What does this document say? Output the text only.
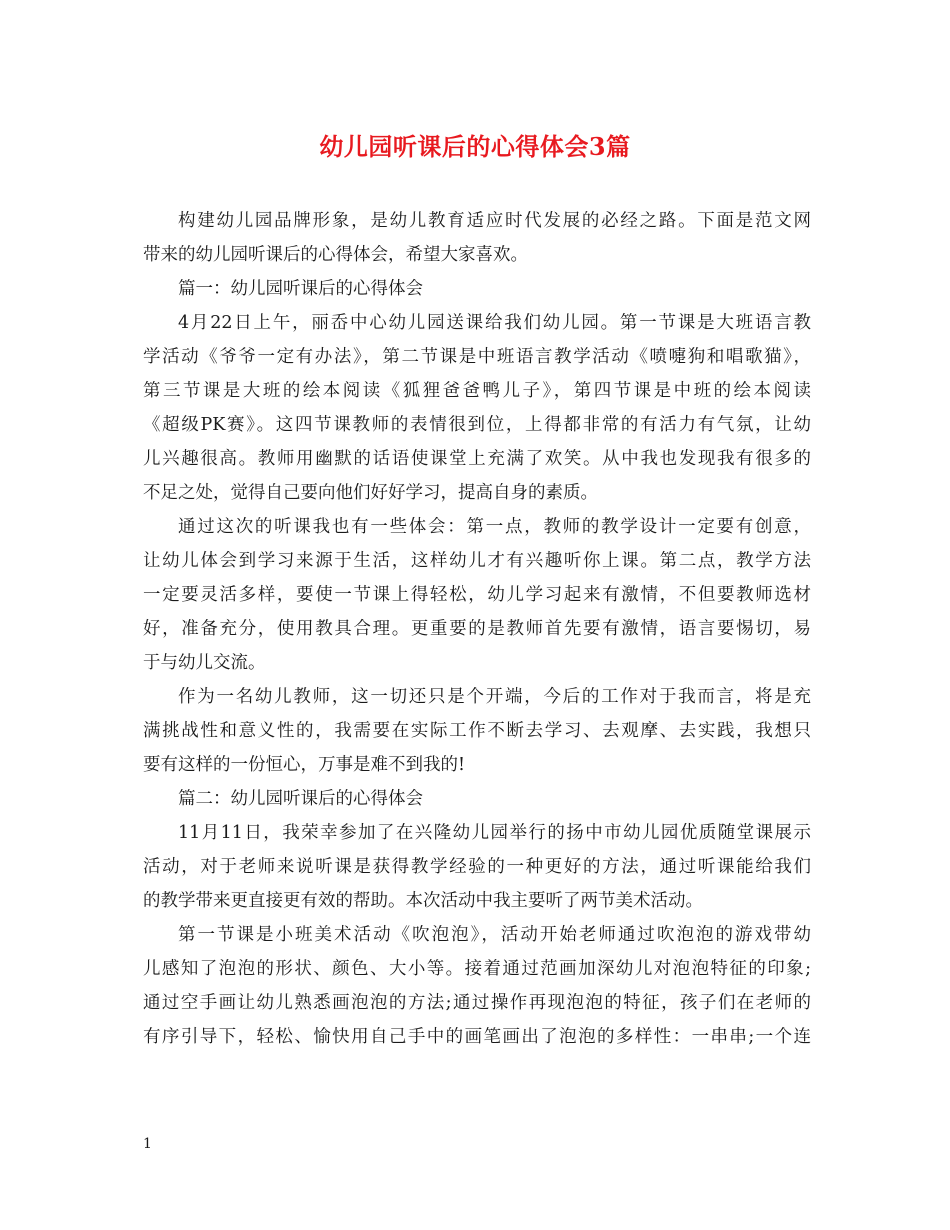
幼儿园听课后的心得体会3篇
构建幼儿园品牌形象，是幼儿教育适应时代发展的必经之路。下面是范文网
带来的幼儿园听课后的心得体会，希望大家喜欢。
篇一：幼儿园听课后的心得体会
4月22日上午，丽岙中心幼儿园送课给我们幼儿园。第一节课是大班语言教
学活动《爷爷一定有办法》，第二节课是中班语言教学活动《喷嚏狗和唱歌猫》，
第三节课是大班的绘本阅读《狐狸爸爸鸭儿子》，第四节课是中班的绘本阅读
《超级PK赛》。这四节课教师的表情很到位，上得都非常的有活力有气氛，让幼
儿兴趣很高。教师用幽默的话语使课堂上充满了欢笑。从中我也发现我有很多的
不足之处，觉得自己要向他们好好学习，提高自身的素质。
通过这次的听课我也有一些体会：第一点，教师的教学设计一定要有创意，
让幼儿体会到学习来源于生活，这样幼儿才有兴趣听你上课。第二点，教学方法
一定要灵活多样，要使一节课上得轻松，幼儿学习起来有激情，不但要教师选材
好，准备充分，使用教具合理。更重要的是教师首先要有激情，语言要惕切，易
于与幼儿交流。
作为一名幼儿教师，这一切还只是个开端，今后的工作对于我而言，将是充
满挑战性和意义性的，我需要在实际工作不断去学习、去观摩、去实践，我想只
要有这样的一份恒心，万事是难不到我的!
篇二：幼儿园听课后的心得体会
11月11日，我荣幸参加了在兴隆幼儿园举行的扬中市幼儿园优质随堂课展示
活动，对于老师来说听课是获得教学经验的一种更好的方法，通过听课能给我们
的教学带来更直接更有效的帮助。本次活动中我主要听了两节美术活动。
第一节课是小班美术活动《吹泡泡》，活动开始老师通过吹泡泡的游戏带幼
儿感知了泡泡的形状、颜色、大小等。接着通过范画加深幼儿对泡泡特征的印象;
通过空手画让幼儿熟悉画泡泡的方法;通过操作再现泡泡的特征，孩子们在老师的
有序引导下，轻松、愉快用自己手中的画笔画出了泡泡的多样性：一串串;一个连
1
